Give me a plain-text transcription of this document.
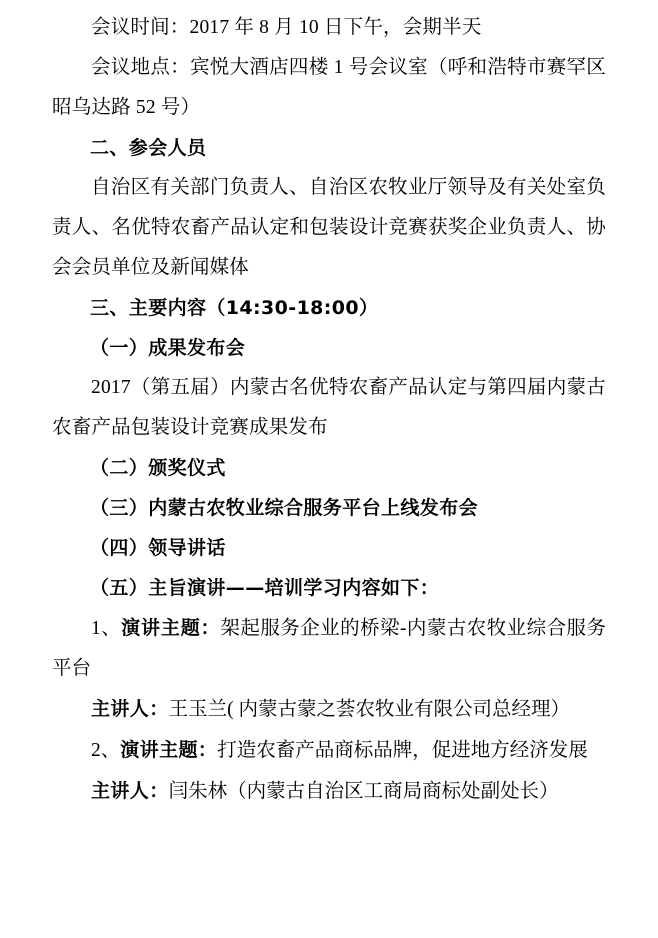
会议时间：2017 年 8 月 10 日下午，会期半天

会议地点：宾悦大酒店四楼 1 号会议室（呼和浩特市赛罕区昭乌达路 52 号）

二、参会人员

自治区有关部门负责人、自治区农牧业厅领导及有关处室负责人、名优特农畜产品认定和包装设计竞赛获奖企业负责人、协会会员单位及新闻媒体

三、主要内容（14:30-18:00）

（一）成果发布会

2017（第五届）内蒙古名优特农畜产品认定与第四届内蒙古农畜产品包装设计竞赛成果发布

（二）颁奖仪式

（三）内蒙古农牧业综合服务平台上线发布会

（四）领导讲话

（五）主旨演讲——培训学习内容如下：

1、演讲主题：架起服务企业的桥梁-内蒙古农牧业综合服务平台

主讲人：王玉兰( 内蒙古蒙之荟农牧业有限公司总经理）

2、演讲主题：打造农畜产品商标品牌，促进地方经济发展

主讲人：闫朱林（内蒙古自治区工商局商标处副处长）
